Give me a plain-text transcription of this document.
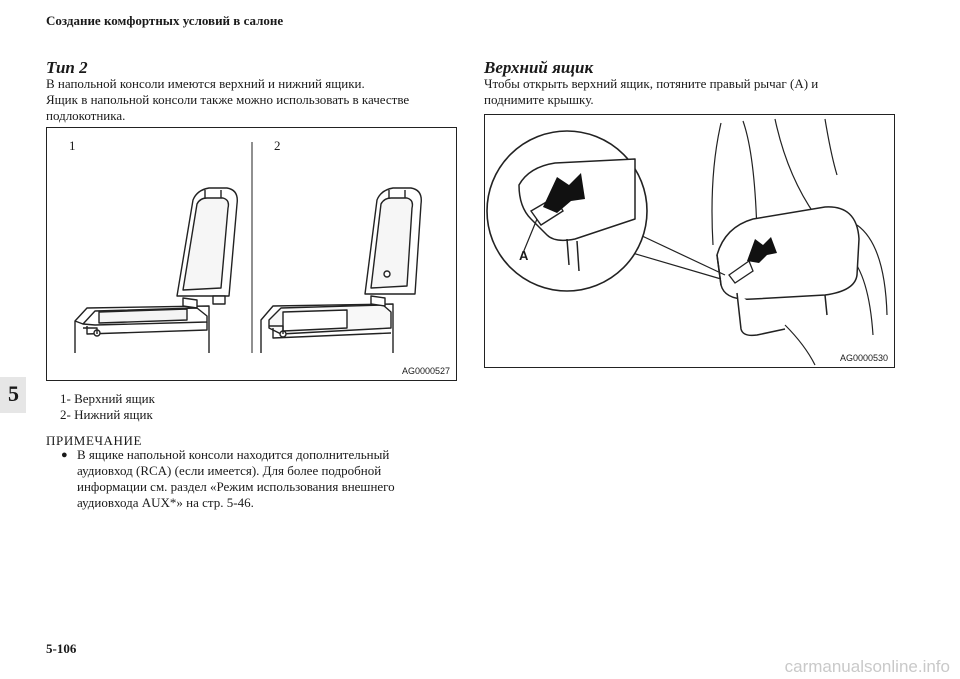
Создание комфортных условий в салоне
5
Тип 2
В напольной консоли имеются верхний и нижний ящики.
Ящик в напольной консоли также можно использовать в качестве
подлокотника.
1	2
AG0000527
1- Верхний ящик
2- Нижний ящик
ПРИМЕЧАНИЕ
● В ящике напольной консоли находится дополнительный
аудиовход (RCA) (если имеется). Для более подробной
информации см. раздел «Режим использования внешнего
аудиовхода AUX*» на стр. 5-46.
Верхний ящик
Чтобы открыть верхний ящик, потяните правый рычаг (A) и
поднимите крышку.
A
AG0000530
5-106
carmanualsonline.info
